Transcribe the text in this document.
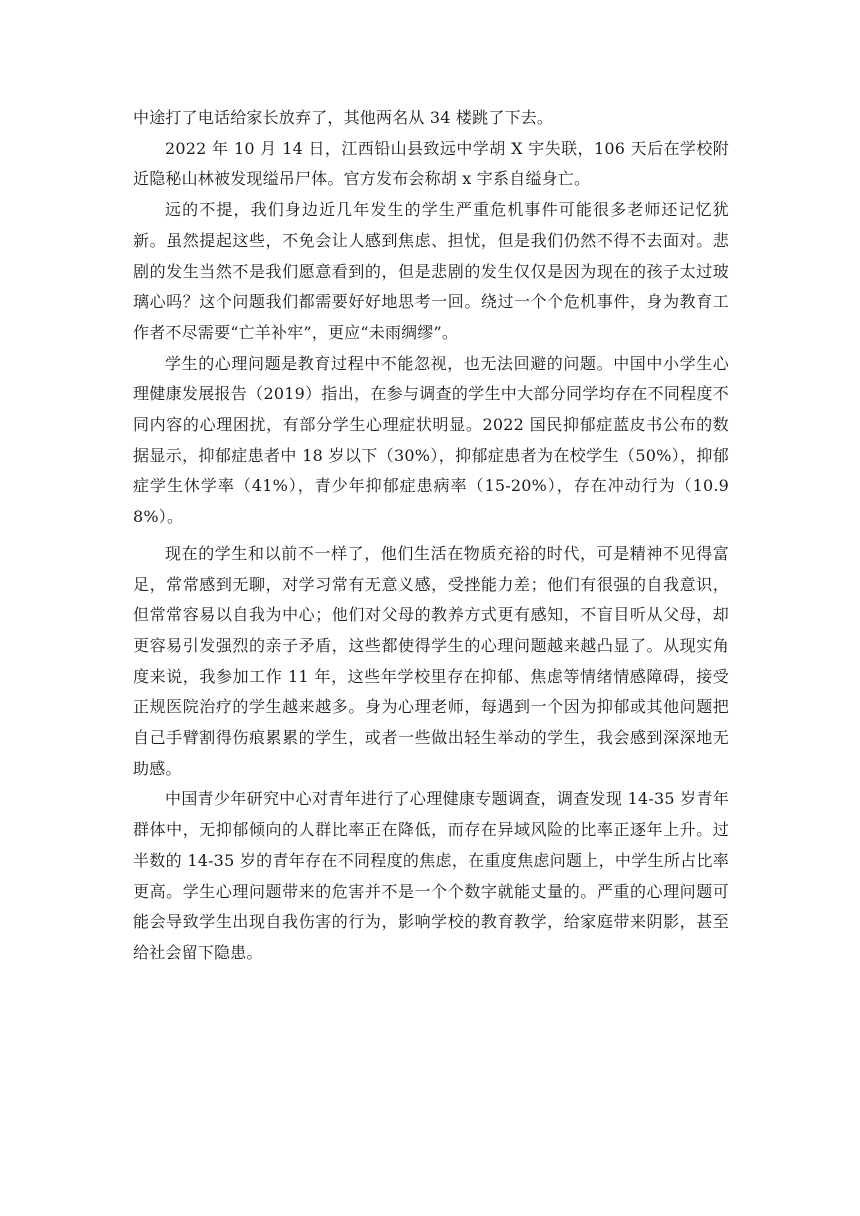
中途打了电话给家长放弃了，其他两名从 34 楼跳了下去。

2022 年 10 月 14 日，江西铅山县致远中学胡 X 宇失联，106 天后在学校附近隐秘山林被发现缢吊尸体。官方发布会称胡 x 宇系自缢身亡。

远的不提，我们身边近几年发生的学生严重危机事件可能很多老师还记忆犹新。虽然提起这些，不免会让人感到焦虑、担忧，但是我们仍然不得不去面对。悲剧的发生当然不是我们愿意看到的，但是悲剧的发生仅仅是因为现在的孩子太过玻璃心吗？这个问题我们都需要好好地思考一回。绕过一个个危机事件，身为教育工作者不尽需要“亡羊补牢”，更应“未雨绸缪”。

学生的心理问题是教育过程中不能忽视，也无法回避的问题。中国中小学生心理健康发展报告（2019）指出，在参与调查的学生中大部分同学均存在不同程度不同内容的心理困扰，有部分学生心理症状明显。2022 国民抑郁症蓝皮书公布的数据显示，抑郁症患者中 18 岁以下（30%），抑郁症患者为在校学生（50%），抑郁症学生休学率（41%），青少年抑郁症患病率（15-20%），存在冲动行为（10.98%）。

现在的学生和以前不一样了，他们生活在物质充裕的时代，可是精神不见得富足，常常感到无聊，对学习常有无意义感，受挫能力差；他们有很强的自我意识，但常常容易以自我为中心；他们对父母的教养方式更有感知，不盲目听从父母，却更容易引发强烈的亲子矛盾，这些都使得学生的心理问题越来越凸显了。从现实角度来说，我参加工作 11 年，这些年学校里存在抑郁、焦虑等情绪情感障碍，接受正规医院治疗的学生越来越多。身为心理老师，每遇到一个因为抑郁或其他问题把自己手臂割得伤痕累累的学生，或者一些做出轻生举动的学生，我会感到深深地无助感。

中国青少年研究中心对青年进行了心理健康专题调查，调查发现 14-35 岁青年群体中，无抑郁倾向的人群比率正在降低，而存在异域风险的比率正逐年上升。过半数的 14-35 岁的青年存在不同程度的焦虑，在重度焦虑问题上，中学生所占比率更高。学生心理问题带来的危害并不是一个个数字就能丈量的。严重的心理问题可能会导致学生出现自我伤害的行为，影响学校的教育教学，给家庭带来阴影，甚至给社会留下隐患。
